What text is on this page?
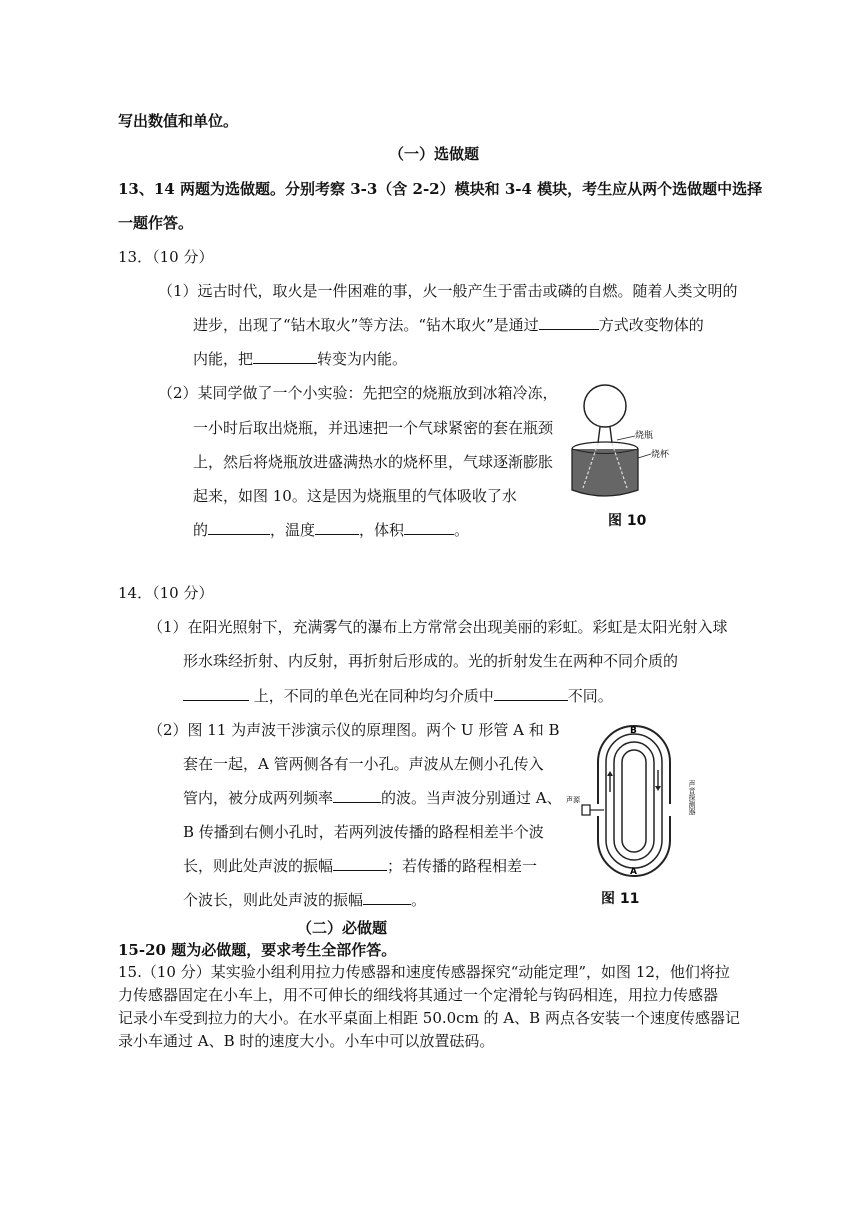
写出数值和单位。
（一）选做题
13、14 两题为选做题。分别考察 3-3（含 2-2）模块和 3-4 模块，考生应从两个选做题中选择
一题作答。
13．（10 分）
（1）远古时代，取火是一件困难的事，火一般产生于雷击或磷的自燃。随着人类文明的
进步，出现了“钻木取火”等方法。“钻木取火”是通过	方式改变物体的
内能，把	转变为内能。
（2）某同学做了一个小实验：先把空的烧瓶放到冰箱冷冻，
一小时后取出烧瓶，并迅速把一个气球紧密的套在瓶颈
上，然后将烧瓶放进盛满热水的烧杯里，气球逐渐膨胀
起来，如图 10。这是因为烧瓶里的气体吸收了水
的	，温度	，体积	。
烧瓶
烧杯
图 10
14．（10 分）
（1）在阳光照射下，充满雾气的瀑布上方常常会出现美丽的彩虹。彩虹是太阳光射入球
形水珠经折射、内反射，再折射后形成的。光的折射发生在两种不同介质的
上，不同的单色光在同种均匀介质中	不同。
（2）图 11 为声波干涉演示仪的原理图。两个 U 形管 A 和 B
套在一起，A 管两侧各有一小孔。声波从左侧小孔传入
管内，被分成两列频率	的波。当声波分别通过 A、
B 传播到右侧小孔时，若两列波传播的路程相差半个波
长，则此处声波的振幅	；若传播的路程相差一
个波长，则此处声波的振幅	。
B
A
声源	声音探测器
图 11
（二）必做题
15-20 题为必做题，要求考生全部作答。
15.（10 分）某实验小组利用拉力传感器和速度传感器探究“动能定理”，如图 12，他们将拉
力传感器固定在小车上，用不可伸长的细线将其通过一个定滑轮与钩码相连，用拉力传感器
记录小车受到拉力的大小。在水平桌面上相距 50.0cm 的 A、B 两点各安装一个速度传感器记
录小车通过 A、B 时的速度大小。小车中可以放置砝码。
